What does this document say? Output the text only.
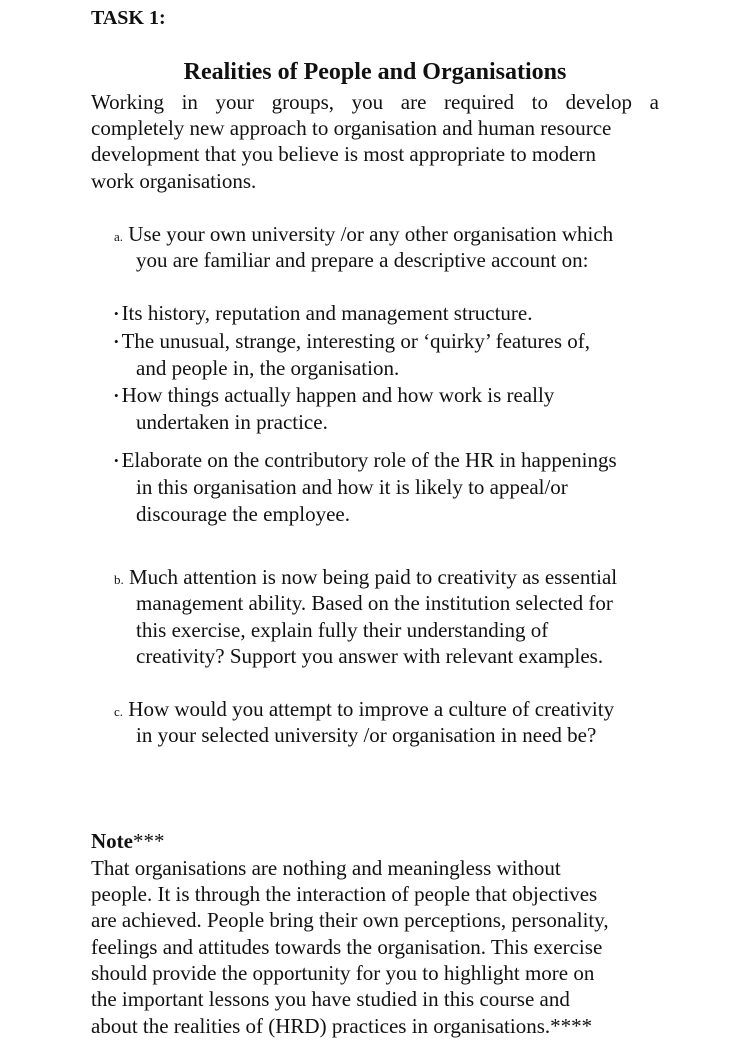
TASK 1:
Realities of People and Organisations
Working in your groups, you are required to develop a
completely new approach to organisation and human resource
development that you believe is most appropriate to modern
work organisations.
a. Use your own university /or any other organisation which
you are familiar and prepare a descriptive account on:
• Its history, reputation and management structure.
• The unusual, strange, interesting or ‘quirky’ features of,
and people in, the organisation.
• How things actually happen and how work is really
undertaken in practice.
• Elaborate on the contributory role of the HR in happenings
in this organisation and how it is likely to appeal/or
discourage the employee.
b. Much attention is now being paid to creativity as essential
management ability. Based on the institution selected for
this exercise, explain fully their understanding of
creativity? Support you answer with relevant examples.
c. How would you attempt to improve a culture of creativity
in your selected university /or organisation in need be?
Note***
That organisations are nothing and meaningless without
people. It is through the interaction of people that objectives
are achieved. People bring their own perceptions, personality,
feelings and attitudes towards the organisation. This exercise
should provide the opportunity for you to highlight more on
the important lessons you have studied in this course and
about the realities of (HRD) practices in organisations.****
